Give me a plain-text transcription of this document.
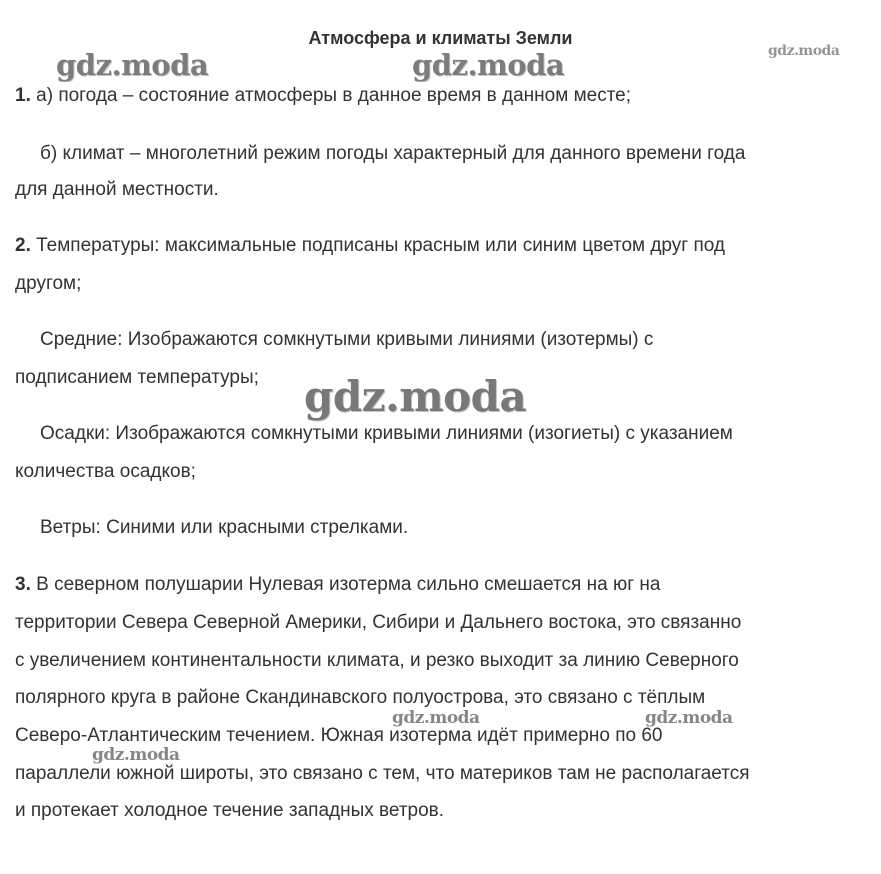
Атмосфера и климаты Земли
gdz.moda	gdz.moda	gdz.moda
gdz.moda
gdz.moda	gdz.moda
gdz.moda
1. а) погода – состояние атмосферы в данное время в данном месте;
б) климат – многолетний режим погоды характерный для данного времени года
для данной местности.
2. Температуры: максимальные подписаны красным или синим цветом друг под
другом;
Средние: Изображаются сомкнутыми кривыми линиями (изотермы) с
подписанием температуры;
Осадки: Изображаются сомкнутыми кривыми линиями (изогиеты) с указанием
количества осадков;
Ветры: Синими или красными стрелками.
3. В северном полушарии Нулевая изотерма сильно смешается на юг на
территории Севера Северной Америки, Сибири и Дальнего востока, это связанно
с увеличением континентальности климата, и резко выходит за линию Северного
полярного круга в районе Скандинавского полуострова, это связано с тёплым
Северо-Атлантическим течением. Южная изотерма идёт примерно по 60
параллели южной широты, это связано с тем, что материков там не располагается
и протекает холодное течение западных ветров.
